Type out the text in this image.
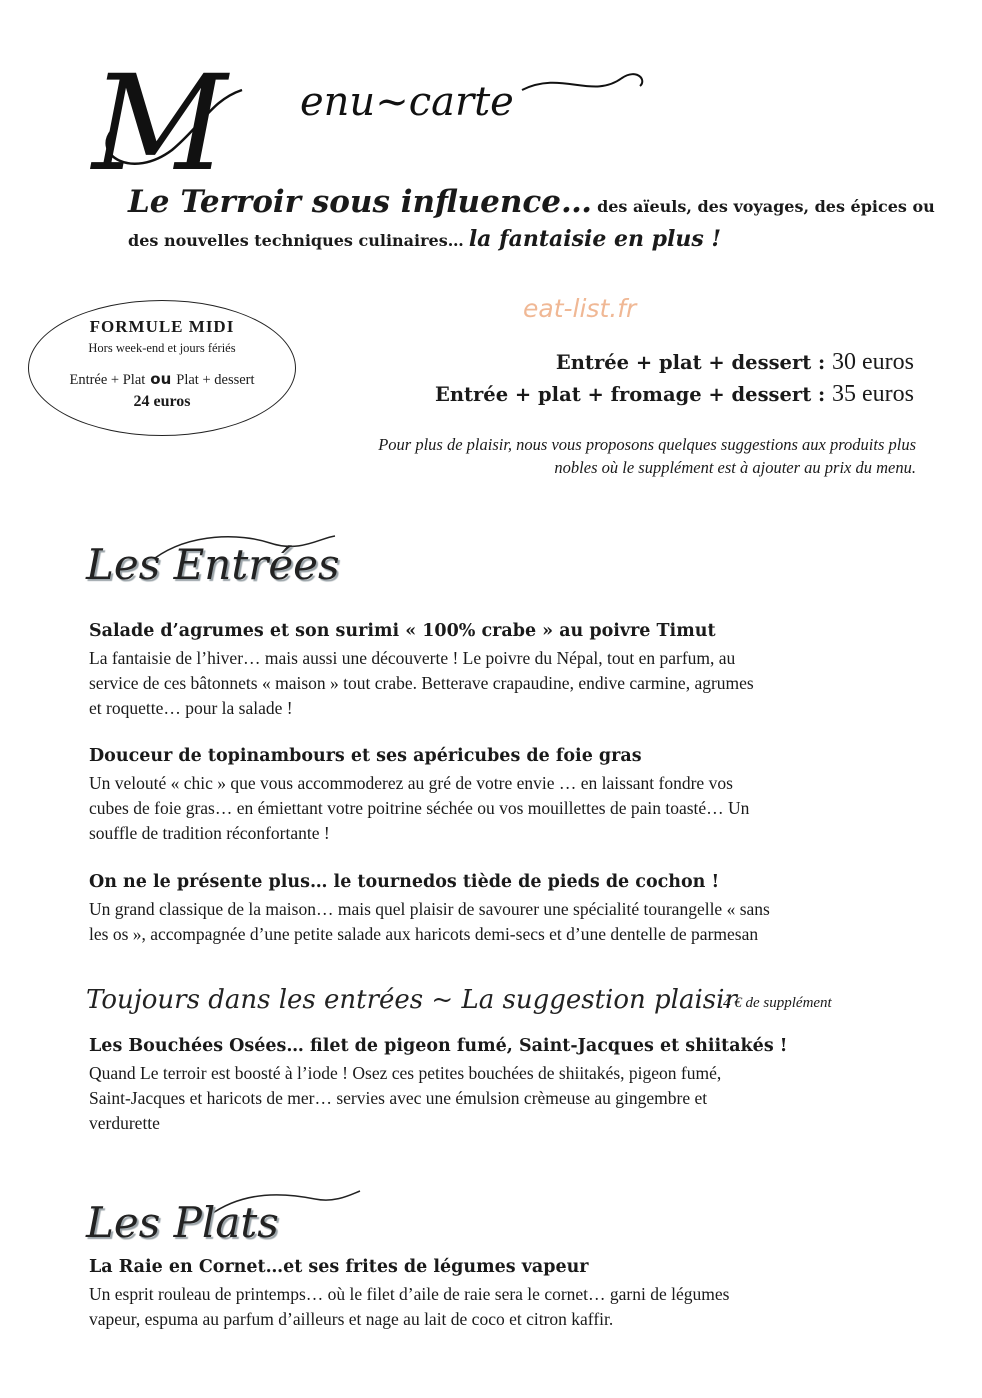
M enu~carte
Le Terroir sous influence… des aïeuls, des voyages, des épices ou
des nouvelles techniques culinaires… la fantaisie en plus !
FORMULE MIDI
Hors week-end et jours fériés
Entrée + Plat ou Plat + dessert
24 euros
eat-list.fr
Entrée + plat + dessert : 30 euros
Entrée + plat + fromage + dessert : 35 euros
Pour plus de plaisir, nous vous proposons quelques suggestions aux produits plus
nobles où le supplément est à ajouter au prix du menu.
Les Entrées
Salade d’agrumes et son surimi « 100% crabe » au poivre Timut
La fantaisie de l’hiver… mais aussi une découverte ! Le poivre du Népal, tout en parfum, au
service de ces bâtonnets « maison » tout crabe. Betterave crapaudine, endive carmine, agrumes
et roquette… pour la salade !
Douceur de topinambours et ses apéricubes de foie gras
Un velouté « chic » que vous accommoderez au gré de votre envie … en laissant fondre vos
cubes de foie gras… en émiettant votre poitrine séchée ou vos mouillettes de pain toasté… Un
souffle de tradition réconfortante !
On ne le présente plus… le tournedos tiède de pieds de cochon !
Un grand classique de la maison… mais quel plaisir de savourer une spécialité tourangelle « sans
les os », accompagnée d’une petite salade aux haricots demi-secs et d’une dentelle de parmesan
Toujours dans les entrées ~ La suggestion plaisir
4 € de supplément
Les Bouchées Osées… filet de pigeon fumé, Saint-Jacques et shiitakés !
Quand Le terroir est boosté à l’iode ! Osez ces petites bouchées de shiitakés, pigeon fumé,
Saint-Jacques et haricots de mer… servies avec une émulsion crèmeuse au gingembre et
verdurette
Les Plats
La Raie en Cornet…et ses frites de légumes vapeur
Un esprit rouleau de printemps… où le filet d’aile de raie sera le cornet… garni de légumes
vapeur, espuma au parfum d’ailleurs et nage au lait de coco et citron kaffir.
